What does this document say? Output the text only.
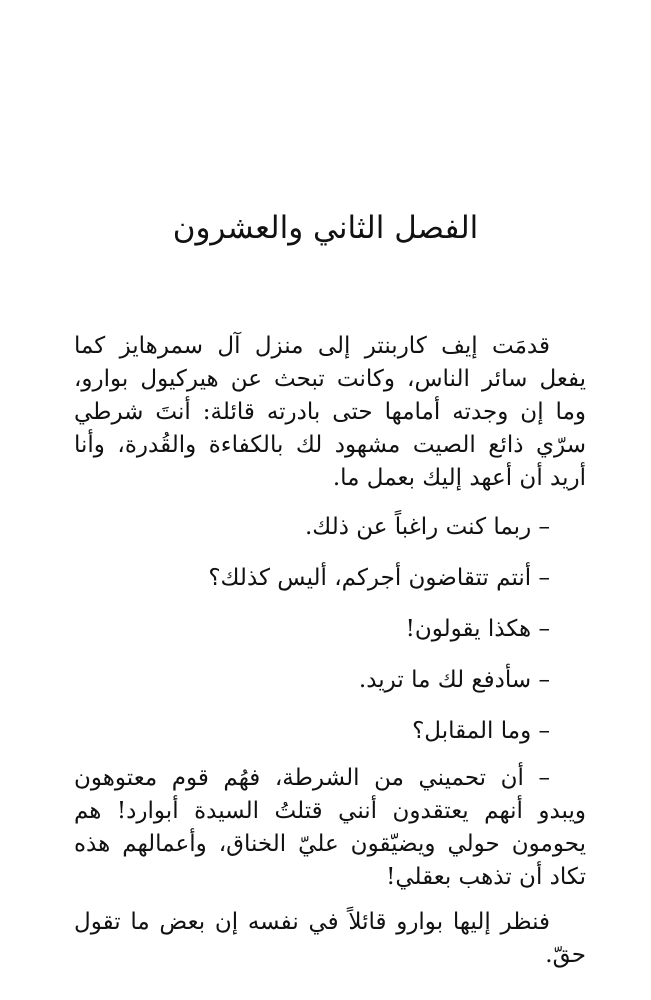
الفصل الثاني والعشرون

قدمَت إيف كاربنتر إلى منزل آل سمرهايز كما يفعل سائر الناس، وكانت تبحث عن هيركيول بوارو، وما إن وجدته أمامها حتى بادرته قائلة: أنتَ شرطي سرّي ذائع الصيت مشهود لك بالكفاءة والقُدرة، وأنا أريد أن أعهد إليك بعمل ما.

– ربما كنت راغباً عن ذلك.

– أنتم تتقاضون أجركم، أليس كذلك؟

– هكذا يقولون!

– سأدفع لك ما تريد.

– وما المقابل؟

– أن تحميني من الشرطة، فهُم قوم معتوهون ويبدو أنهم يعتقدون أنني قتلتُ السيدة أبوارد! هم يحومون حولي ويضيّقون عليّ الخناق، وأعمالهم هذه تكاد أن تذهب بعقلي!

فنظر إليها بوارو قائلاً في نفسه إن بعض ما تقول حقّ.
